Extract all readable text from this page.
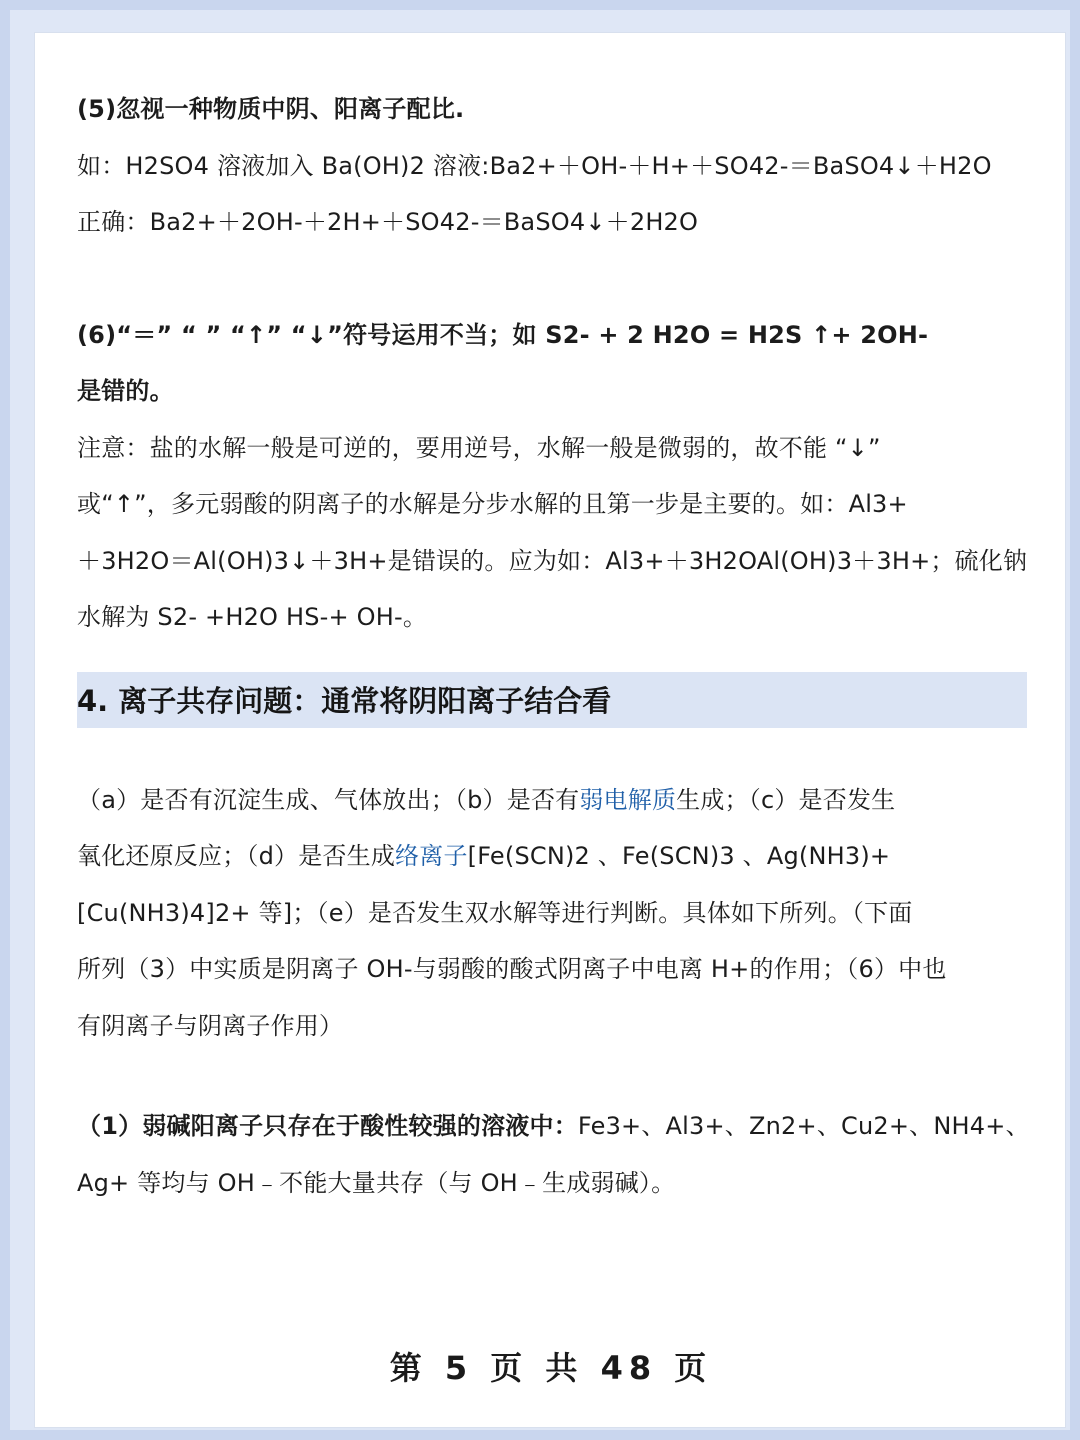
(5)忽视一种物质中阴、阳离子配比.
如：H2SO4 溶液加入 Ba(OH)2 溶液:Ba2+＋OH-＋H+＋SO42-＝BaSO4↓＋H2O
正确：Ba2+＋2OH-＋2H+＋SO42-＝BaSO4↓＋2H2O
(6)“＝” “ ” “↑” “↓”符号运用不当；如 S2- + 2 H2O = H2S ↑+ 2OH-
是错的。
注意：盐的水解一般是可逆的，要用逆号，水解一般是微弱的，故不能 “↓”
或“↑”，多元弱酸的阴离子的水解是分步水解的且第一步是主要的。如：Al3+
＋3H2O＝Al(OH)3↓＋3H+是错误的。应为如：Al3+＋3H2OAl(OH)3＋3H+；硫化钠
水解为 S2- +H2O HS-+ OH-。
4. 离子共存问题：通常将阴阳离子结合看
（a）是否有沉淀生成、气体放出；（b）是否有弱电解质生成；（c）是否发生
氧化还原反应；（d）是否生成络离子[Fe(SCN)2 、Fe(SCN)3 、Ag(NH3)+
[Cu(NH3)4]2+ 等]；（e）是否发生双水解等进行判断。具体如下所列。（下面
所列（3）中实质是阴离子 OH-与弱酸的酸式阴离子中电离 H+的作用；（6）中也
有阴离子与阴离子作用）
（1）弱碱阳离子只存在于酸性较强的溶液中：Fe3+、Al3+、Zn2+、Cu2+、NH4+、
Ag+ 等均与 OH﹣不能大量共存（与 OH﹣生成弱碱）。
第 5 页 共 48 页
